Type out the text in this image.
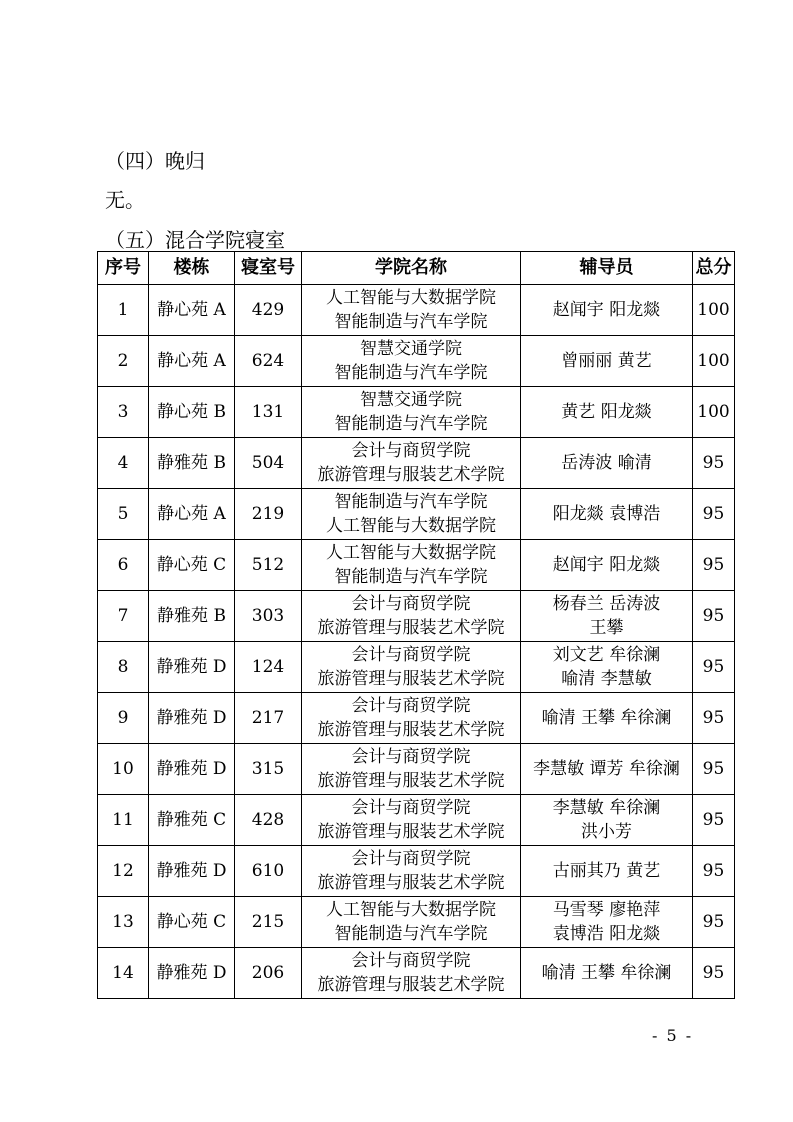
（四）晚归
无。
（五）混合学院寝室
序号	楼栋	寝室号	学院名称	辅导员	总分

1	静心苑 A	429	人工智能与大数据学院
智能制造与汽车学院	赵闻宇 阳龙燚	100

2	静心苑 A	624	智慧交通学院
智能制造与汽车学院	曾丽丽 黄艺	100

3	静心苑 B	131	智慧交通学院
智能制造与汽车学院	黄艺 阳龙燚	100

4	静雅苑 B	504	会计与商贸学院
旅游管理与服装艺术学院	岳涛波 喻清	95

5	静心苑 A	219	智能制造与汽车学院
人工智能与大数据学院	阳龙燚 袁博浩	95

6	静心苑 C	512	人工智能与大数据学院
智能制造与汽车学院	赵闻宇 阳龙燚	95

7	静雅苑 B	303	会计与商贸学院
旅游管理与服装艺术学院	杨春兰 岳涛波
王攀	95

8	静雅苑 D	124	会计与商贸学院
旅游管理与服装艺术学院	刘文艺 牟徐澜
喻清 李慧敏	95

9	静雅苑 D	217	会计与商贸学院
旅游管理与服装艺术学院	喻清 王攀 牟徐澜	95

10	静雅苑 D	315	会计与商贸学院
旅游管理与服装艺术学院	李慧敏 谭芳 牟徐澜	95

11	静雅苑 C	428	会计与商贸学院
旅游管理与服装艺术学院	李慧敏 牟徐澜
洪小芳	95

12	静雅苑 D	610	会计与商贸学院
旅游管理与服装艺术学院	古丽其乃 黄艺	95

13	静心苑 C	215	人工智能与大数据学院
智能制造与汽车学院	马雪琴 廖艳萍
袁博浩 阳龙燚	95

14	静雅苑 D	206	会计与商贸学院
旅游管理与服装艺术学院	喻清 王攀 牟徐澜	95
- 5 -
